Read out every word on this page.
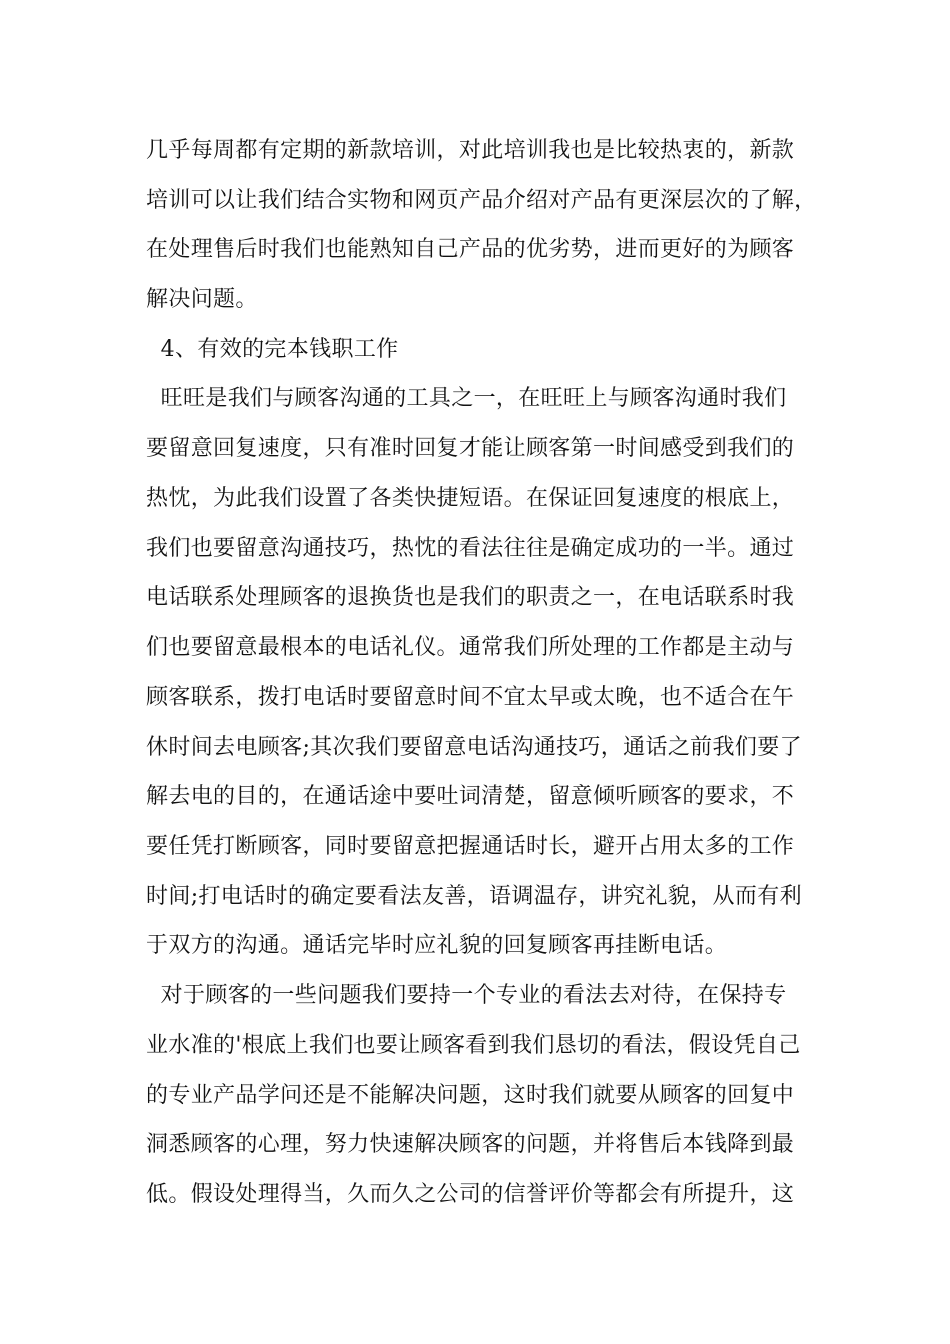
几乎每周都有定期的新款培训，对此培训我也是比较热衷的，新款
培训可以让我们结合实物和网页产品介绍对产品有更深层次的了解，
在处理售后时我们也能熟知自己产品的优劣势，进而更好的为顾客
解决问题。
4、有效的完本钱职工作
旺旺是我们与顾客沟通的工具之一，在旺旺上与顾客沟通时我们
要留意回复速度，只有准时回复才能让顾客第一时间感受到我们的
热忱，为此我们设置了各类快捷短语。在保证回复速度的根底上，
我们也要留意沟通技巧，热忱的看法往往是确定成功的一半。通过
电话联系处理顾客的退换货也是我们的职责之一，在电话联系时我
们也要留意最根本的电话礼仪。通常我们所处理的工作都是主动与
顾客联系，拨打电话时要留意时间不宜太早或太晚，也不适合在午
休时间去电顾客;其次我们要留意电话沟通技巧，通话之前我们要了
解去电的目的，在通话途中要吐词清楚，留意倾听顾客的要求，不
要任凭打断顾客，同时要留意把握通话时长，避开占用太多的工作
时间;打电话时的确定要看法友善，语调温存，讲究礼貌，从而有利
于双方的沟通。通话完毕时应礼貌的回复顾客再挂断电话。
对于顾客的一些问题我们要持一个专业的看法去对待，在保持专
业水准的'根底上我们也要让顾客看到我们恳切的看法，假设凭自己
的专业产品学问还是不能解决问题，这时我们就要从顾客的回复中
洞悉顾客的心理，努力快速解决顾客的问题，并将售后本钱降到最
低。假设处理得当，久而久之公司的信誉评价等都会有所提升，这
